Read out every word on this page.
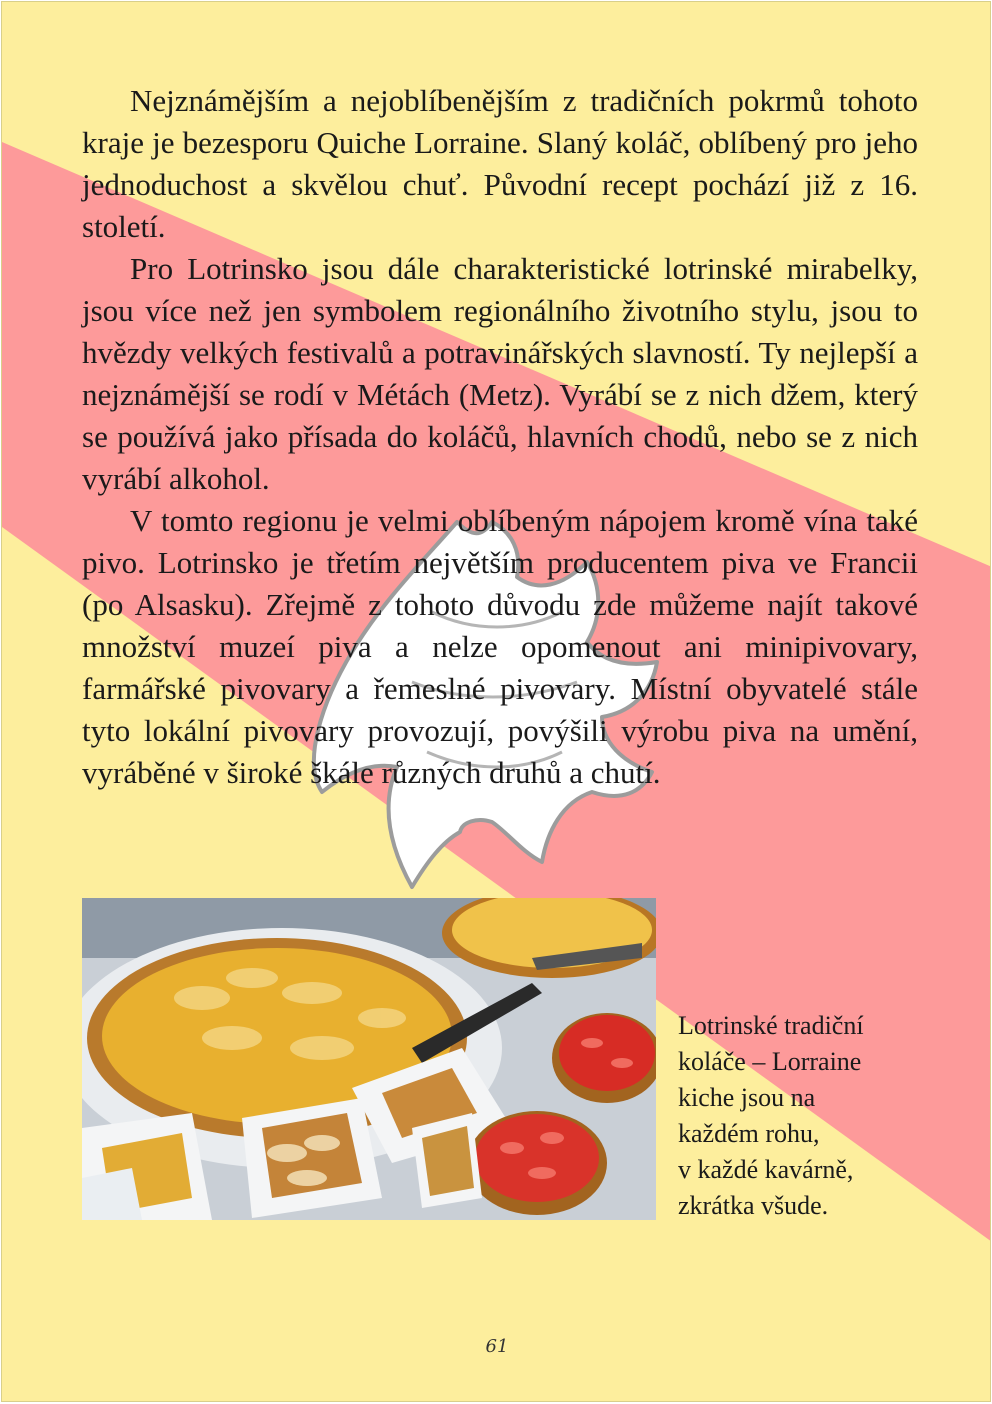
Nejznámějším a nejoblíbenějším z tradičních pokrmů tohoto kraje je bezesporu Quiche Lorraine. Slaný koláč, oblíbený pro jeho jednoduchost a skvělou chuť. Původní recept pochází již z 16. století.

Pro Lotrinsko jsou dále charakteristické lotrinské mirabelky, jsou více než jen symbolem regionálního životního stylu, jsou to hvězdy velkých festivalů a potravinářských slavností. Ty nejlepší a nejznámější se rodí v Métách (Metz). Vyrábí se z nich džem, který se používá jako přísada do koláčů, hlavních chodů, nebo se z nich vyrábí alkohol.

V tomto regionu je velmi oblíbeným nápojem kromě vína také pivo. Lotrinsko je třetím největším producentem piva ve Francii (po Alsasku). Zřejmě z tohoto důvodu zde můžeme najít takové množství muzeí piva a nelze opomenout ani minipivovary, farmářské pivovary a řemeslné pivovary. Místní obyvatelé stále tyto lokální pivovary provozují, povýšili výrobu piva na umění, vyráběné v široké škále různých druhů a chutí.

Lotrinské tradiční
koláče – Lorraine
kiche jsou na
každém rohu,
v každé kavárně,
zkrátka všude.
61
